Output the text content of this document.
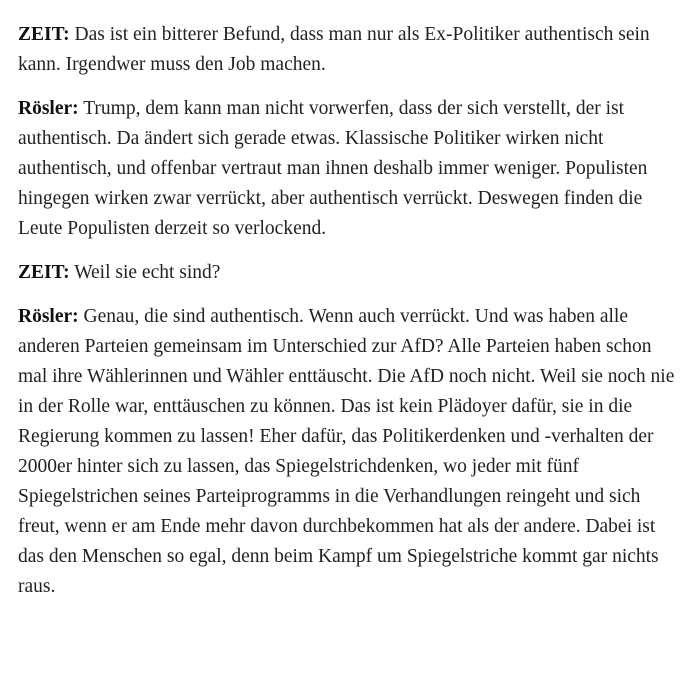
ZEIT: Das ist ein bitterer Befund, dass man nur als Ex-Politiker authentisch sein kann. Irgendwer muss den Job machen.

Rösler: Trump, dem kann man nicht vorwerfen, dass der sich verstellt, der ist authentisch. Da ändert sich gerade etwas. Klassische Politiker wirken nicht authentisch, und offenbar vertraut man ihnen deshalb immer weniger. Populisten hingegen wirken zwar verrückt, aber authentisch verrückt. Deswegen finden die Leute Populisten derzeit so verlockend.

ZEIT: Weil sie echt sind?

Rösler: Genau, die sind authentisch. Wenn auch verrückt. Und was haben alle anderen Parteien gemeinsam im Unterschied zur AfD? Alle Parteien haben schon mal ihre Wählerinnen und Wähler enttäuscht. Die AfD noch nicht. Weil sie noch nie in der Rolle war, enttäuschen zu können. Das ist kein Plädoyer dafür, sie in die Regierung kommen zu lassen! Eher dafür, das Politikerdenken und -verhalten der 2000er hinter sich zu lassen, das Spiegelstrichdenken, wo jeder mit fünf Spiegelstrichen seines Parteiprogramms in die Verhandlungen reingeht und sich freut, wenn er am Ende mehr davon durchbekommen hat als der andere. Dabei ist das den Menschen so egal, denn beim Kampf um Spiegelstriche kommt gar nichts raus.
